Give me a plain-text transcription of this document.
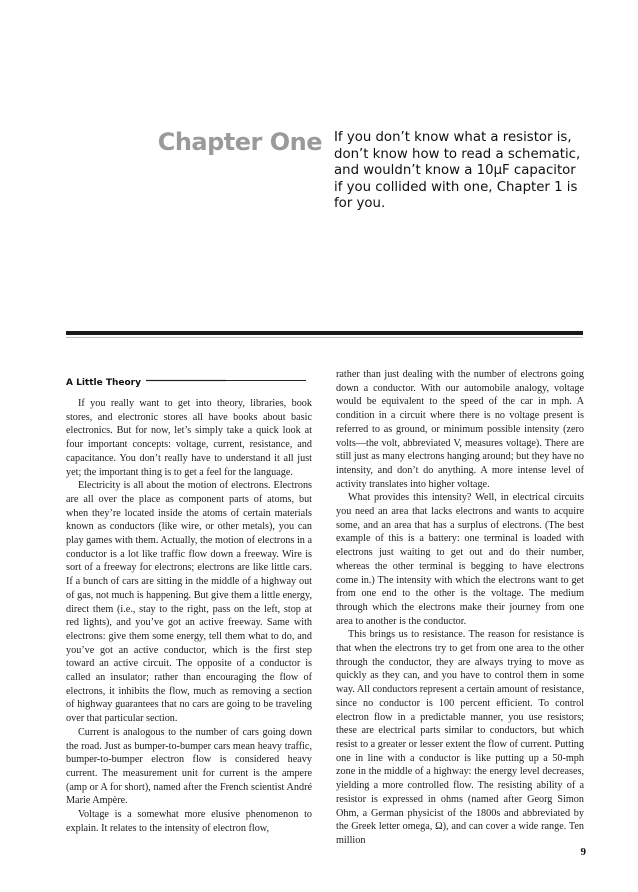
Chapter One If you don’t know what a resistor is, don’t know how to read a schematic, and wouldn’t know a 10µF capacitor if you collided with one, Chapter 1 is for you.
A Little Theory

If you really want to get into theory, libraries, book stores, and electronic stores all have books about basic electronics. But for now, let’s simply take a quick look at four important concepts: voltage, current, resistance, and capacitance. You don’t really have to understand it all just yet; the important thing is to get a feel for the language.

Electricity is all about the motion of electrons. Electrons are all over the place as component parts of atoms, but when they’re located inside the atoms of certain materials known as conductors (like wire, or other metals), you can play games with them. Actually, the motion of electrons in a conductor is a lot like traffic flow down a freeway. Wire is sort of a freeway for electrons; electrons are like little cars. If a bunch of cars are sitting in the middle of a highway out of gas, not much is happening. But give them a little energy, direct them (i.e., stay to the right, pass on the left, stop at red lights), and you’ve got an active freeway. Same with electrons: give them some energy, tell them what to do, and you’ve got an active conductor, which is the first step toward an active circuit. The opposite of a conductor is called an insulator; rather than encouraging the flow of electrons, it inhibits the flow, much as removing a section of highway guarantees that no cars are going to be traveling over that particular section.

Current is analogous to the number of cars going down the road. Just as bumper-to-bumper cars mean heavy traffic, bumper-to-bumper electron flow is considered heavy current. The measurement unit for current is the ampere (amp or A for short), named after the French scientist André Marie Ampère.

Voltage is a somewhat more elusive phenomenon to explain. It relates to the intensity of electron flow,

rather than just dealing with the number of electrons going down a conductor. With our automobile analogy, voltage would be equivalent to the speed of the car in mph. A condition in a circuit where there is no voltage present is referred to as ground, or minimum possible intensity (zero volts—the volt, abbreviated V, measures voltage). There are still just as many electrons hanging around; but they have no intensity, and don’t do anything. A more intense level of activity translates into higher voltage.

What provides this intensity? Well, in electrical circuits you need an area that lacks electrons and wants to acquire some, and an area that has a surplus of electrons. (The best example of this is a battery: one terminal is loaded with electrons just waiting to get out and do their number, whereas the other terminal is begging to have electrons come in.) The intensity with which the electrons want to get from one end to the other is the voltage. The medium through which the electrons make their journey from one area to another is the conductor.

This brings us to resistance. The reason for resistance is that when the electrons try to get from one area to the other through the conductor, they are always trying to move as quickly as they can, and you have to control them in some way. All conductors represent a certain amount of resistance, since no conductor is 100 percent efficient. To control electron flow in a predictable manner, you use resistors; these are electrical parts similar to conductors, but which resist to a greater or lesser extent the flow of current. Putting one in line with a conductor is like putting up a 50-mph zone in the middle of a highway: the energy level decreases, yielding a more controlled flow. The resisting ability of a resistor is expressed in ohms (named after Georg Simon Ohm, a German physicist of the 1800s and abbreviated by the Greek letter omega, Ω), and can cover a wide range. Ten million

9
